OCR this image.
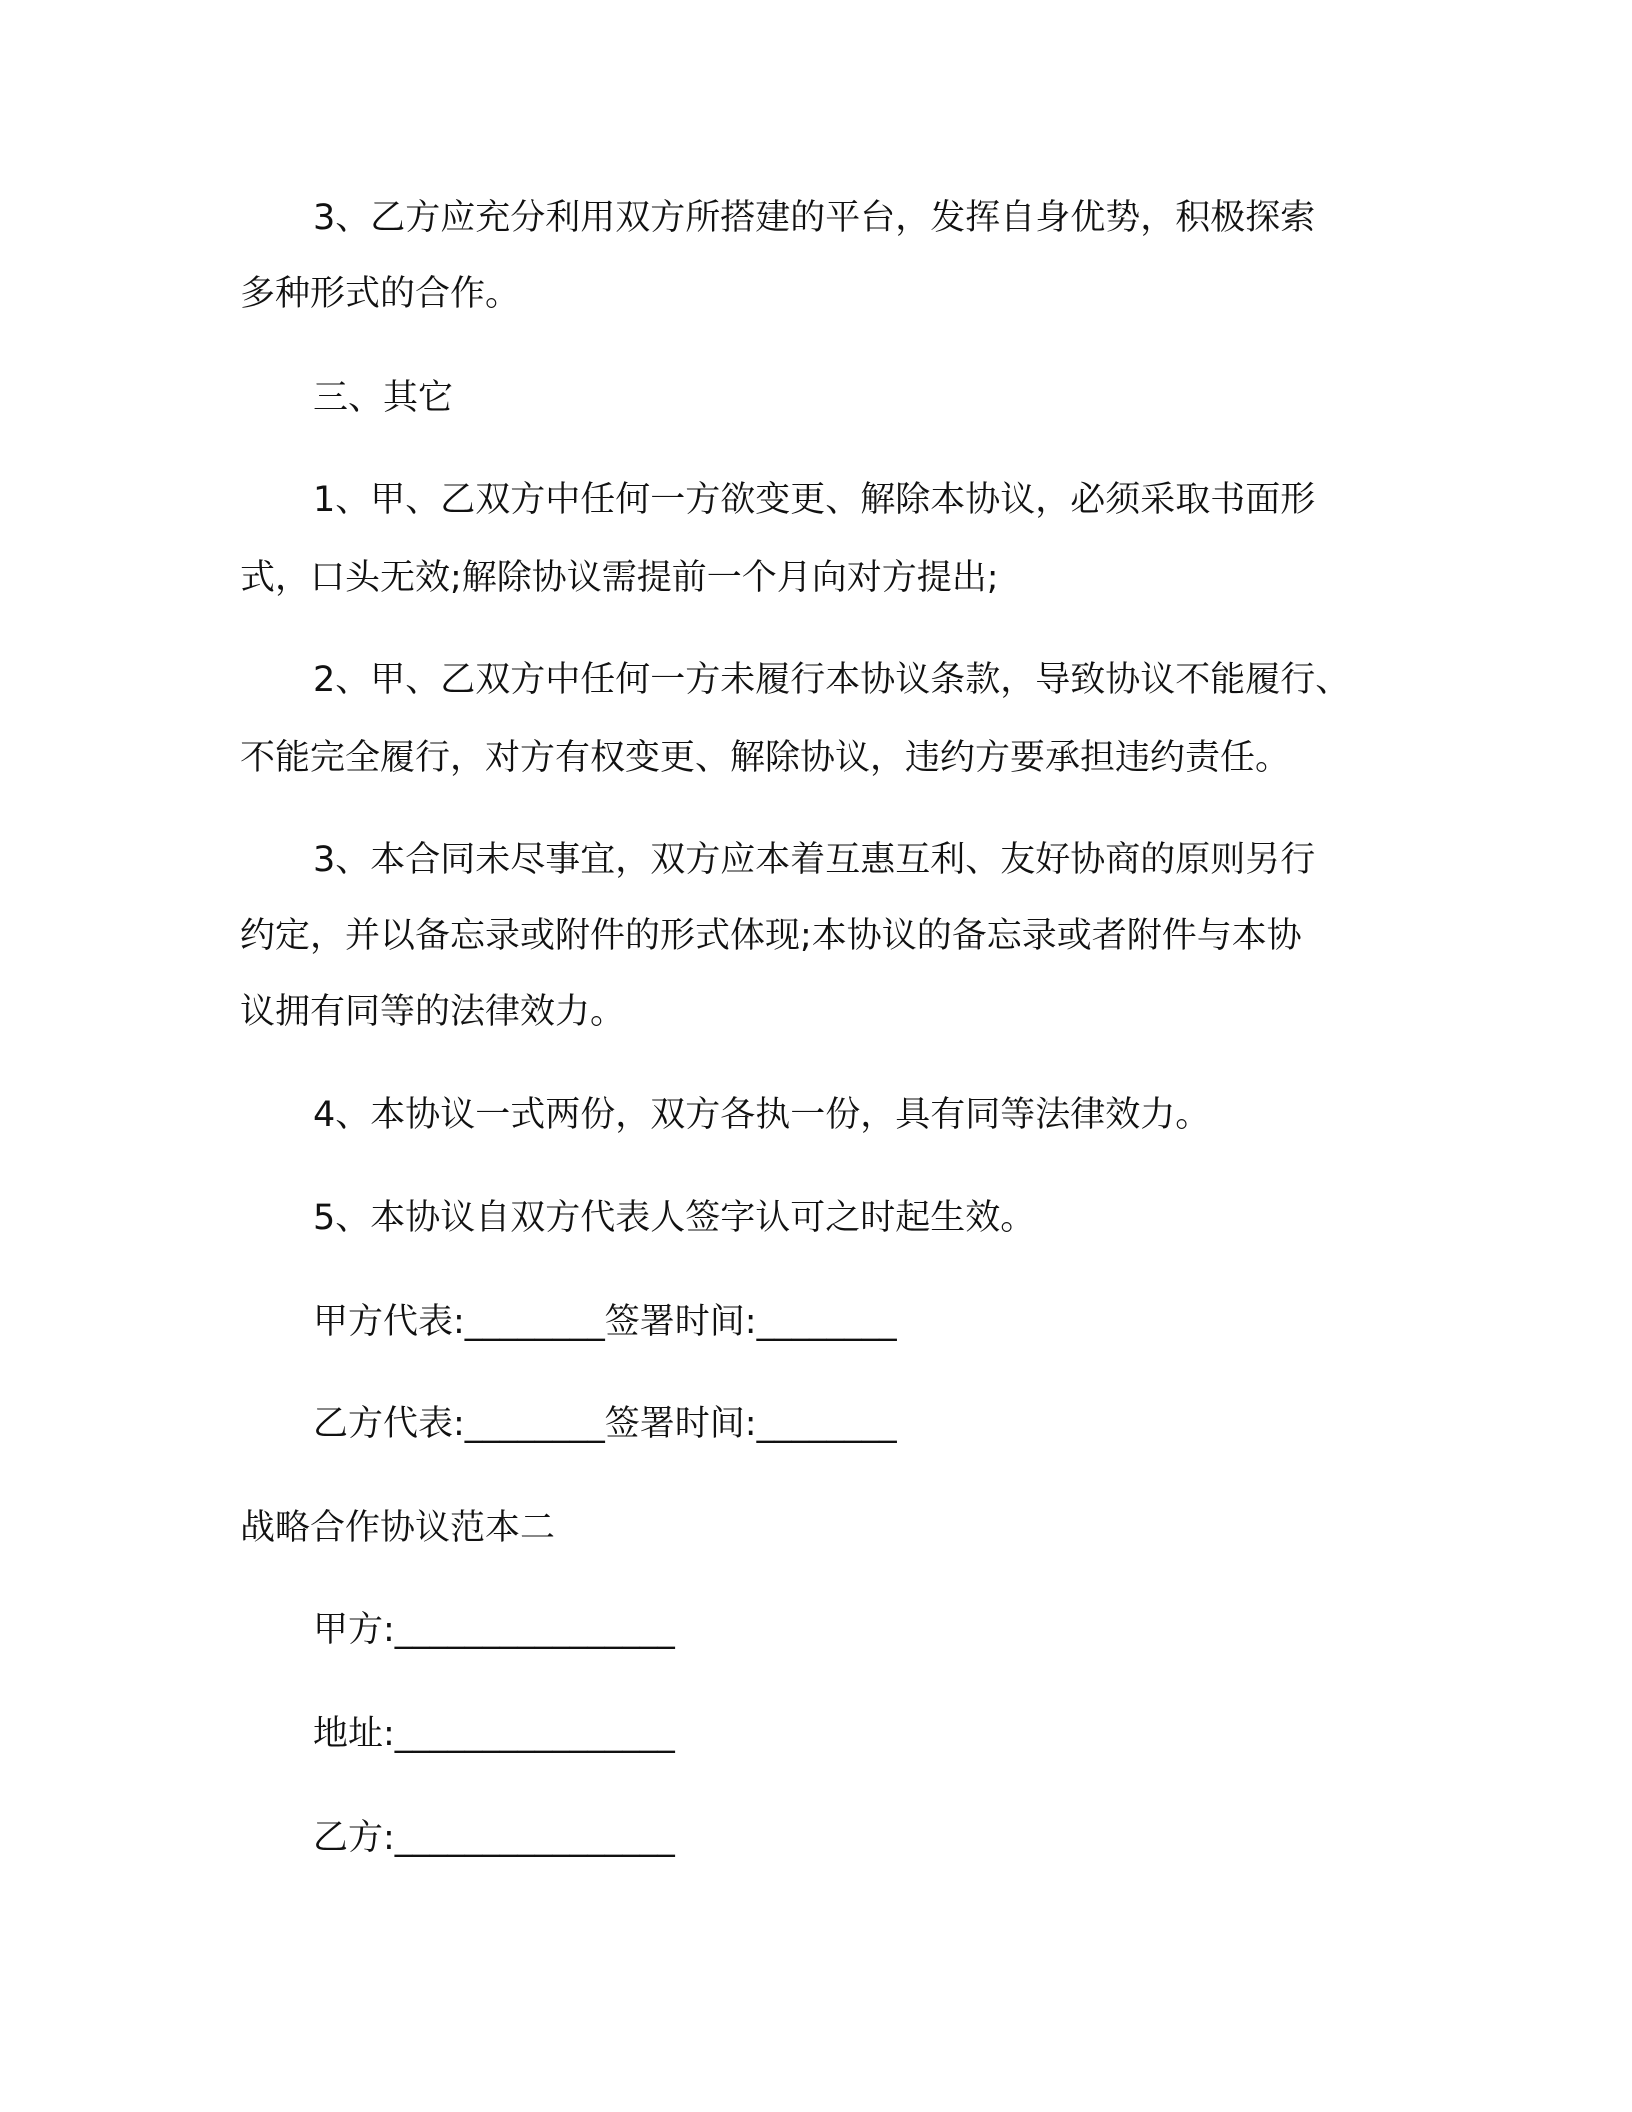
3、乙方应充分利用双方所搭建的平台，发挥自身优势，积极探索

多种形式的合作。

三、其它

1、甲、乙双方中任何一方欲变更、解除本协议，必须采取书面形

式，口头无效;解除协议需提前一个月向对方提出;

2、甲、乙双方中任何一方未履行本协议条款，导致协议不能履行、

不能完全履行，对方有权变更、解除协议，违约方要承担违约责任。

3、本合同未尽事宜，双方应本着互惠互利、友好协商的原则另行

约定，并以备忘录或附件的形式体现;本协议的备忘录或者附件与本协

议拥有同等的法律效力。

4、本协议一式两份，双方各执一份，具有同等法律效力。

5、本协议自双方代表人签字认可之时起生效。

甲方代表:________签署时间:________

乙方代表:________签署时间:________

战略合作协议范本二

甲方:________________

地址:________________

乙方:________________
